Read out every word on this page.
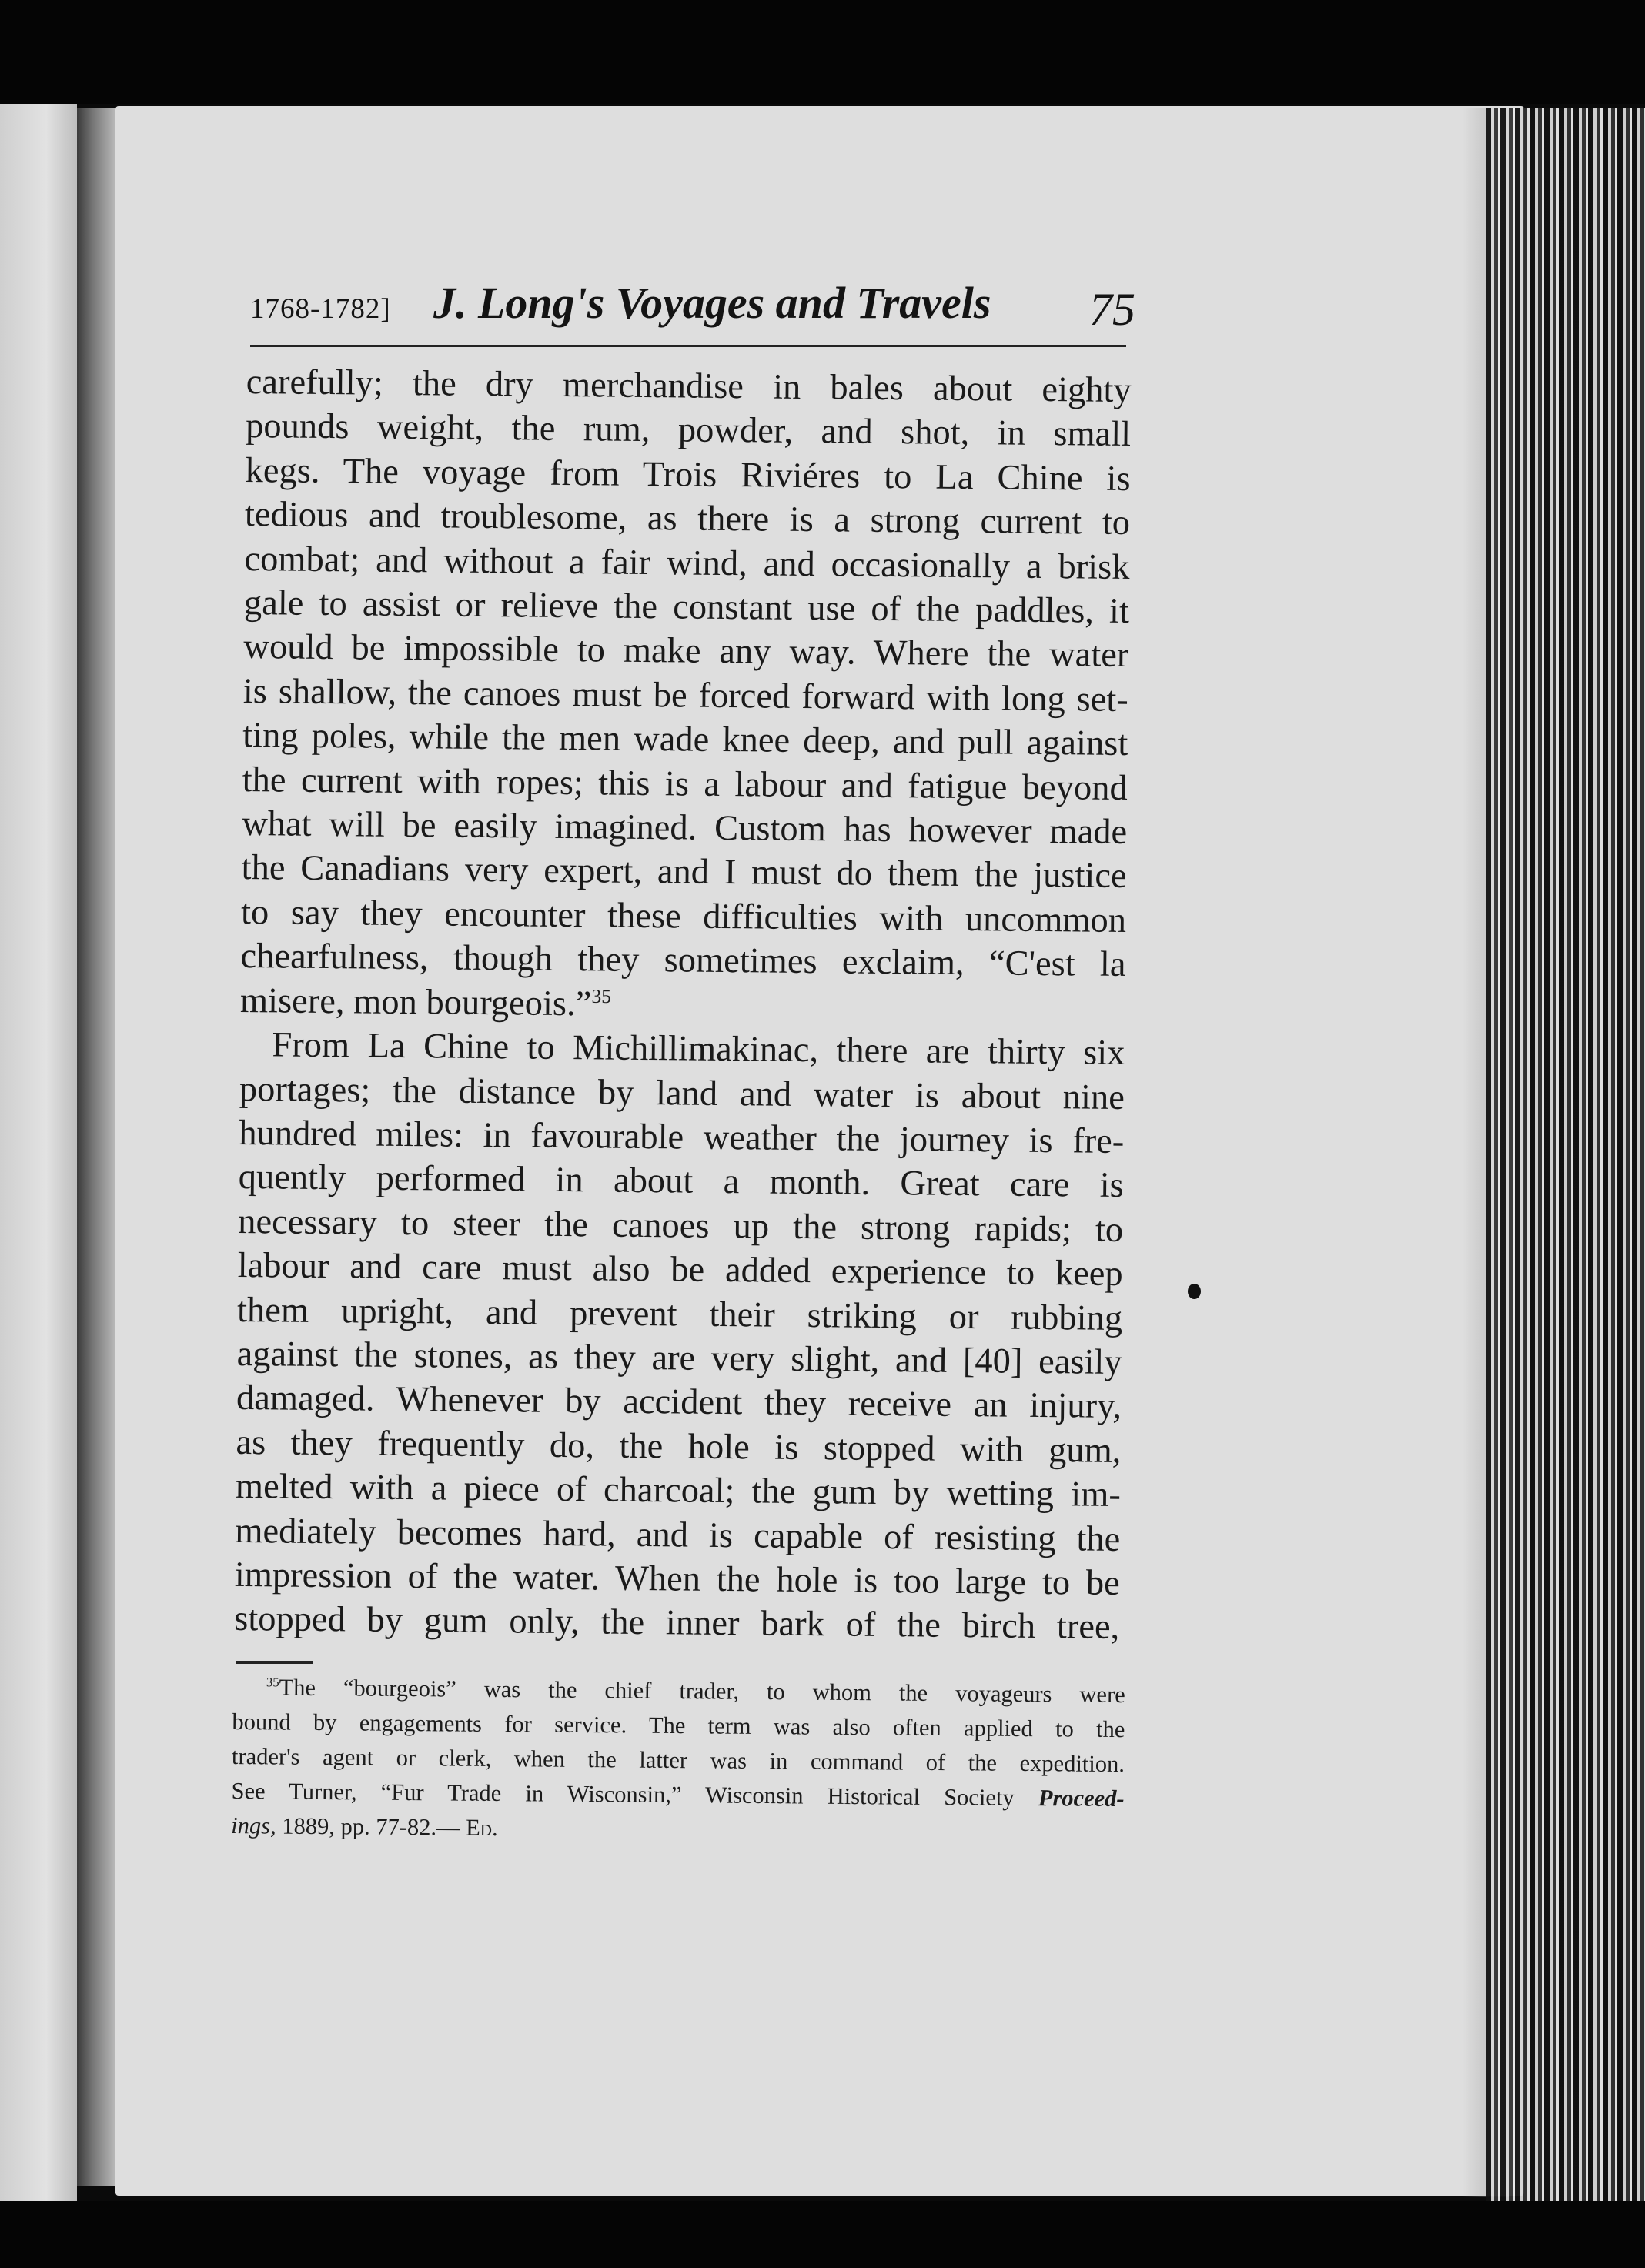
1768-1782] J. Long's Voyages and Travels 75
carefully; the dry merchandise in bales about eighty
pounds weight, the rum, powder, and shot, in small
kegs. The voyage from Trois Riviéres to La Chine is
tedious and troublesome, as there is a strong current to
combat; and without a fair wind, and occasionally a brisk
gale to assist or relieve the constant use of the paddles, it
would be impossible to make any way. Where the water
is shallow, the canoes must be forced forward with long set-
ting poles, while the men wade knee deep, and pull against
the current with ropes; this is a labour and fatigue beyond
what will be easily imagined. Custom has however made
the Canadians very expert, and I must do them the justice
to say they encounter these difficulties with uncommon
chearfulness, though they sometimes exclaim, “C'est la
misere, mon bourgeois.”$^{35}$
From La Chine to Michillimakinac, there are thirty six
portages; the distance by land and water is about nine
hundred miles: in favourable weather the journey is fre-
quently performed in about a month. Great care is
necessary to steer the canoes up the strong rapids; to
labour and care must also be added experience to keep
them upright, and prevent their striking or rubbing
against the stones, as they are very slight, and [40] easily
damaged. Whenever by accident they receive an injury,
as they frequently do, the hole is stopped with gum,
melted with a piece of charcoal; the gum by wetting im-
mediately becomes hard, and is capable of resisting the
impression of the water. When the hole is too large to be
stopped by gum only, the inner bark of the birch tree,
$^{35}$The “bourgeois” was the chief trader, to whom the voyageurs were
bound by engagements for service. The term was also often applied to the
trader's agent or clerk, when the latter was in command of the expedition.
See Turner, “Fur Trade in Wisconsin,” Wisconsin Historical Society Proceed-
ings, 1889, pp. 77-82.— Ed.
